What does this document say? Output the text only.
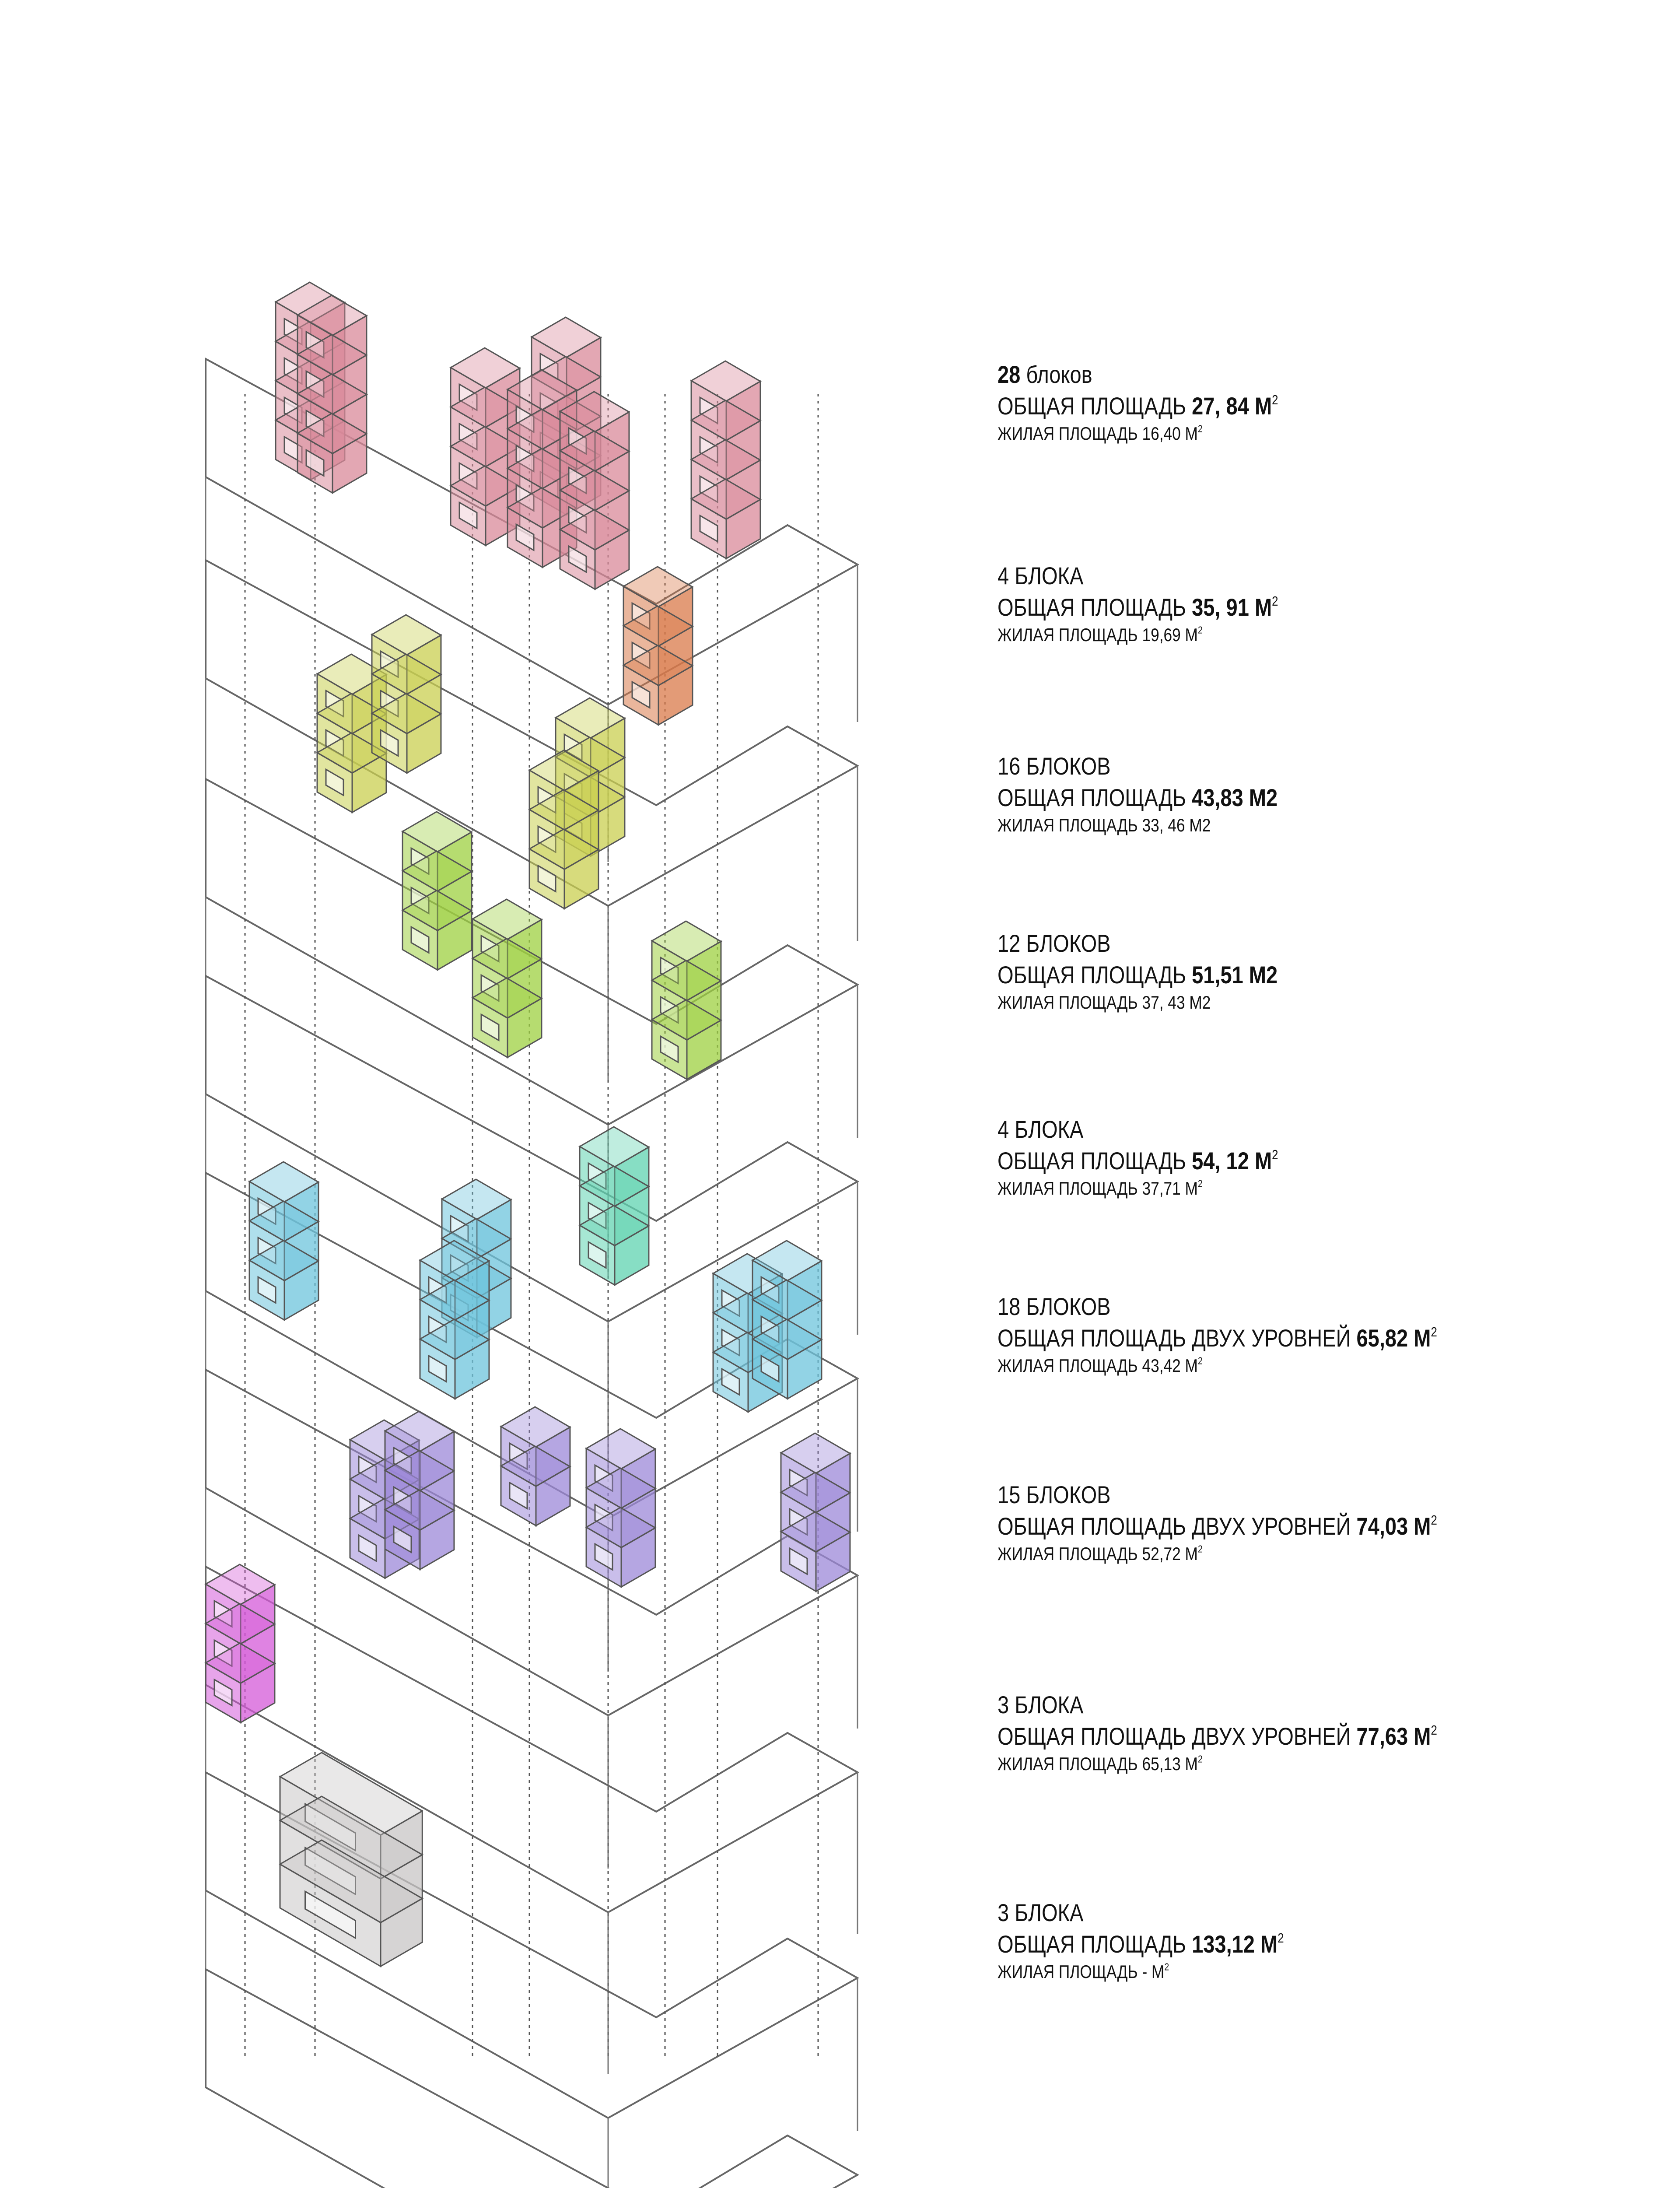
28 блоков
ОБЩАЯ ПЛОЩАДЬ 27, 84 $М^2$
ЖИЛАЯ ПЛОЩАДЬ 16,40 $М^2$
4 БЛОКА
ОБЩАЯ ПЛОЩАДЬ 35, 91 $М^2$
ЖИЛАЯ ПЛОЩАДЬ 19,69 $М^2$
16 БЛОКОВ
ОБЩАЯ ПЛОЩАДЬ 43,83 М2
ЖИЛАЯ ПЛОЩАДЬ 33, 46 М2
12 БЛОКОВ
ОБЩАЯ ПЛОЩАДЬ 51,51 М2
ЖИЛАЯ ПЛОЩАДЬ 37, 43 М2
4 БЛОКА
ОБЩАЯ ПЛОЩАДЬ 54, 12 $М^2$
ЖИЛАЯ ПЛОЩАДЬ 37,71 $М^2$
18 БЛОКОВ
ОБЩАЯ ПЛОЩАДЬ ДВУХ УРОВНЕЙ 65,82 $М^2$
ЖИЛАЯ ПЛОЩАДЬ 43,42 $М^2$
15 БЛОКОВ
ОБЩАЯ ПЛОЩАДЬ ДВУХ УРОВНЕЙ 74,03 $М^2$
ЖИЛАЯ ПЛОЩАДЬ 52,72 $М^2$
3 БЛОКА
ОБЩАЯ ПЛОЩАДЬ ДВУХ УРОВНЕЙ 77,63 $М^2$
ЖИЛАЯ ПЛОЩАДЬ 65,13 $М^2$
3 БЛОКА
ОБЩАЯ ПЛОЩАДЬ 133,12 $М^2$
ЖИЛАЯ ПЛОЩАДЬ - $М^2$
